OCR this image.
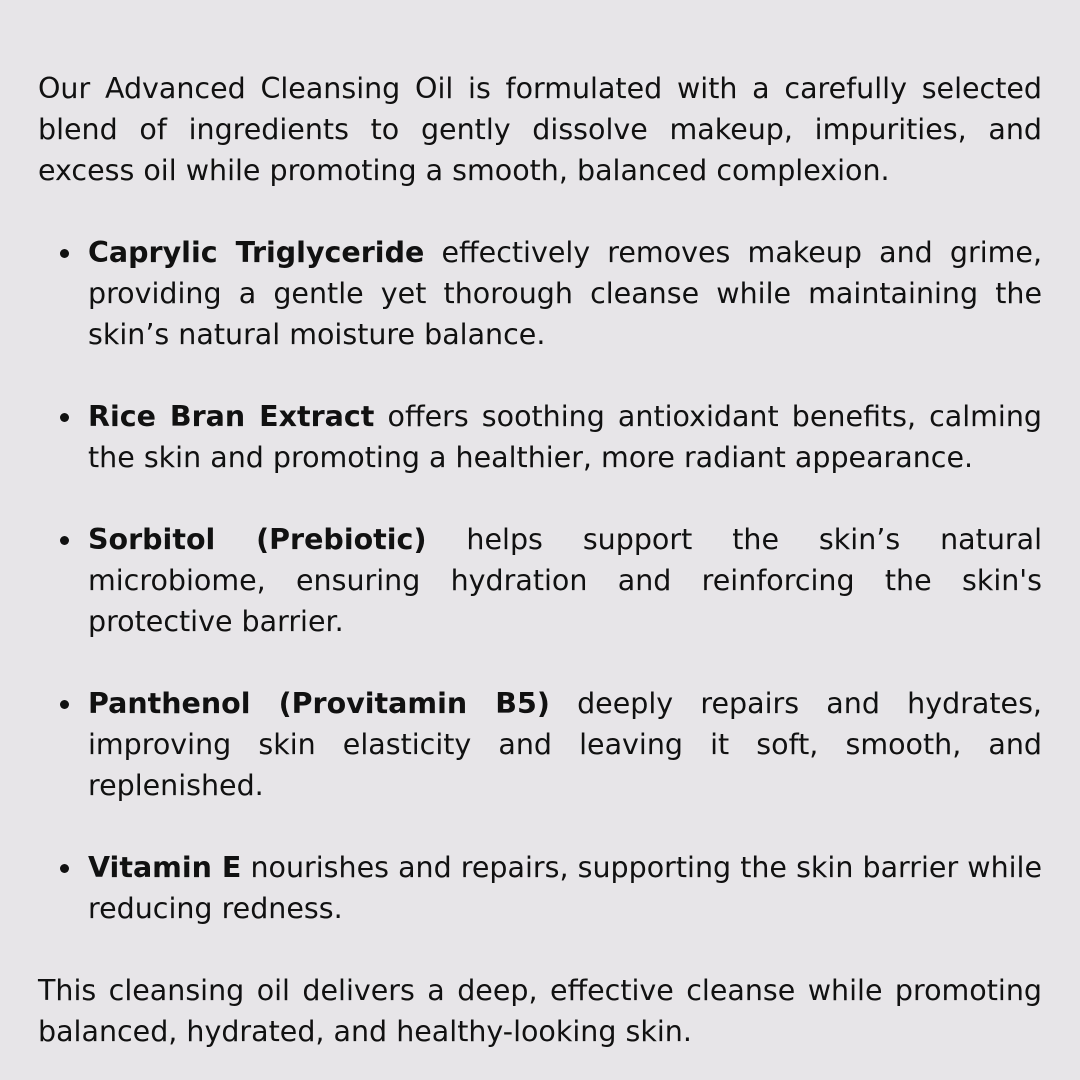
Our Advanced Cleansing Oil is formulated with a carefully selected blend of ingredients to gently dissolve makeup, impurities, and excess oil while promoting a smooth, balanced complexion.

Caprylic Triglyceride effectively removes makeup and grime, providing a gentle yet thorough cleanse while maintaining the skin’s natural moisture balance.
Rice Bran Extract offers soothing antioxidant benefits, calming the skin and promoting a healthier, more radiant appearance.
Sorbitol (Prebiotic) helps support the skin’s natural microbiome, ensuring hydration and reinforcing the skin's protective barrier.
Panthenol (Provitamin B5) deeply repairs and hydrates, improving skin elasticity and leaving it soft, smooth, and replenished.
Vitamin E nourishes and repairs, supporting the skin barrier while reducing redness.

This cleansing oil delivers a deep, effective cleanse while promoting balanced, hydrated, and healthy-looking skin.
